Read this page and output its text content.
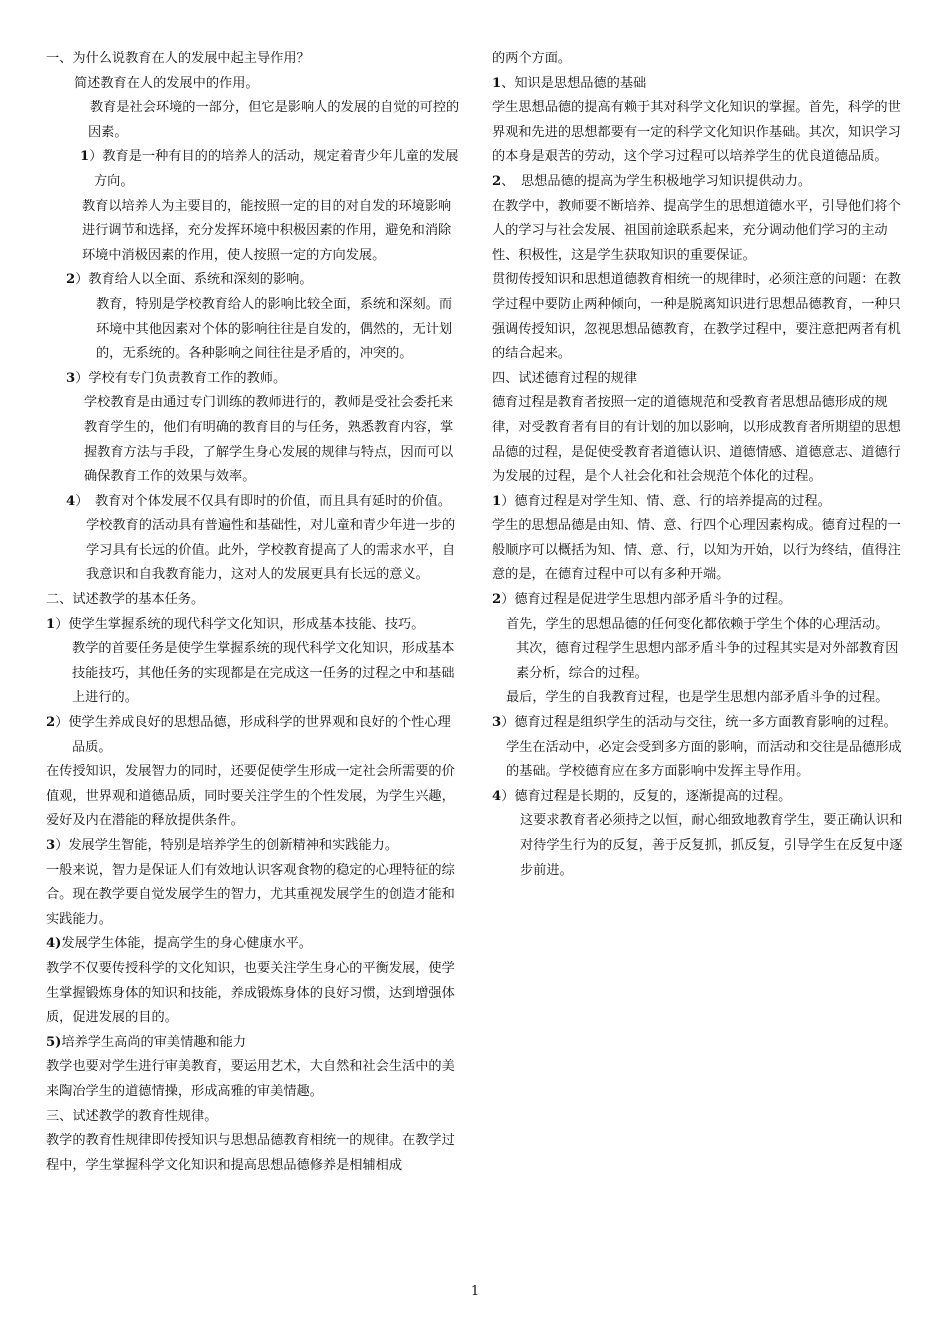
一、为什么说教育在人的发展中起主导作用？

简述教育在人的发展中的作用。

教育是社会环境的一部分，但它是影响人的发展的自觉的可控的因素。

1）教育是一种有目的的培养人的活动，规定着青少年儿童的发展方向。

教育以培养人为主要目的，能按照一定的目的对自发的环境影响进行调节和选择，充分发挥环境中积极因素的作用，避免和消除环境中消极因素的作用，使人按照一定的方向发展。

2）教育给人以全面、系统和深刻的影响。

教育，特别是学校教育给人的影响比较全面，系统和深刻。而环境中其他因素对个体的影响往往是自发的，偶然的，无计划的，无系统的。各种影响之间往往是矛盾的，冲突的。

3）学校有专门负责教育工作的教师。

学校教育是由通过专门训练的教师进行的，教师是受社会委托来教育学生的，他们有明确的教育目的与任务，熟悉教育内容，掌握教育方法与手段，了解学生身心发展的规律与特点，因而可以确保教育工作的效果与效率。

4）　教育对个体发展不仅具有即时的价值，而且具有延时的价值。

学校教育的活动具有普遍性和基础性，对儿童和青少年进一步的学习具有长远的价值。此外，学校教育提高了人的需求水平，自我意识和自我教育能力，这对人的发展更具有长远的意义。

二、试述教学的基本任务。

1）使学生掌握系统的现代科学文化知识，形成基本技能、技巧。

教学的首要任务是使学生掌握系统的现代科学文化知识，形成基本技能技巧，其他任务的实现都是在完成这一任务的过程之中和基础上进行的。

2）使学生养成良好的思想品德，形成科学的世界观和良好的个性心理品质。

在传授知识，发展智力的同时，还要促使学生形成一定社会所需要的价值观，世界观和道德品质，同时要关注学生的个性发展，为学生兴趣，爱好及内在潜能的释放提供条件。

3）发展学生智能，特别是培养学生的创新精神和实践能力。

一般来说，智力是保证人们有效地认识客观食物的稳定的心理特征的综合。现在教学要自觉发展学生的智力，尤其重视发展学生的创造才能和实践能力。

4)发展学生体能，提高学生的身心健康水平。

教学不仅要传授科学的文化知识，也要关注学生身心的平衡发展，使学生掌握锻炼身体的知识和技能，养成锻炼身体的良好习惯，达到增强体质，促进发展的目的。

5)培养学生高尚的审美情趣和能力

教学也要对学生进行审美教育，要运用艺术，大自然和社会生活中的美来陶冶学生的道德情操，形成高雅的审美情趣。

三、试述教学的教育性规律。

教学的教育性规律即传授知识与思想品德教育相统一的规律。在教学过程中，学生掌握科学文化知识和提高思想品德修养是相辅相成

的两个方面。

1、知识是思想品德的基础

学生思想品德的提高有赖于其对科学文化知识的掌握。首先，科学的世界观和先进的思想都要有一定的科学文化知识作基础。其次，知识学习的本身是艰苦的劳动，这个学习过程可以培养学生的优良道德品质。

2、　思想品德的提高为学生积极地学习知识提供动力。

在教学中，教师要不断培养、提高学生的思想道德水平，引导他们将个人的学习与社会发展、祖国前途联系起来，充分调动他们学习的主动性、积极性，这是学生获取知识的重要保证。

贯彻传授知识和思想道德教育相统一的规律时，必须注意的问题：在教学过程中要防止两种倾向，一种是脱离知识进行思想品德教育，一种只强调传授知识，忽视思想品德教育，在教学过程中，要注意把两者有机的结合起来。

四、试述德育过程的规律

德育过程是教育者按照一定的道德规范和受教育者思想品德形成的规律，对受教育者有目的有计划的加以影响，以形成教育者所期望的思想品德的过程，是促使受教育者道德认识、道德情感、道德意志、道德行为发展的过程，是个人社会化和社会规范个体化的过程。

1）德育过程是对学生知、情、意、行的培养提高的过程。

学生的思想品德是由知、情、意、行四个心理因素构成。德育过程的一般顺序可以概括为知、情、意、行，以知为开始，以行为终结，值得注意的是，在德育过程中可以有多种开端。

2）德育过程是促进学生思想内部矛盾斗争的过程。

首先，学生的思想品德的任何变化都依赖于学生个体的心理活动。

其次，德育过程学生思想内部矛盾斗争的过程其实是对外部教育因素分析，综合的过程。

最后，学生的自我教育过程，也是学生思想内部矛盾斗争的过程。

3）德育过程是组织学生的活动与交往，统一多方面教育影响的过程。学生在活动中，必定会受到多方面的影响，而活动和交往是品德形成的基础。学校德育应在多方面影响中发挥主导作用。

4）德育过程是长期的，反复的，逐渐提高的过程。

这要求教育者必须持之以恒，耐心细致地教育学生，要正确认识和对待学生行为的反复，善于反复抓，抓反复，引导学生在反复中逐步前进。

1
